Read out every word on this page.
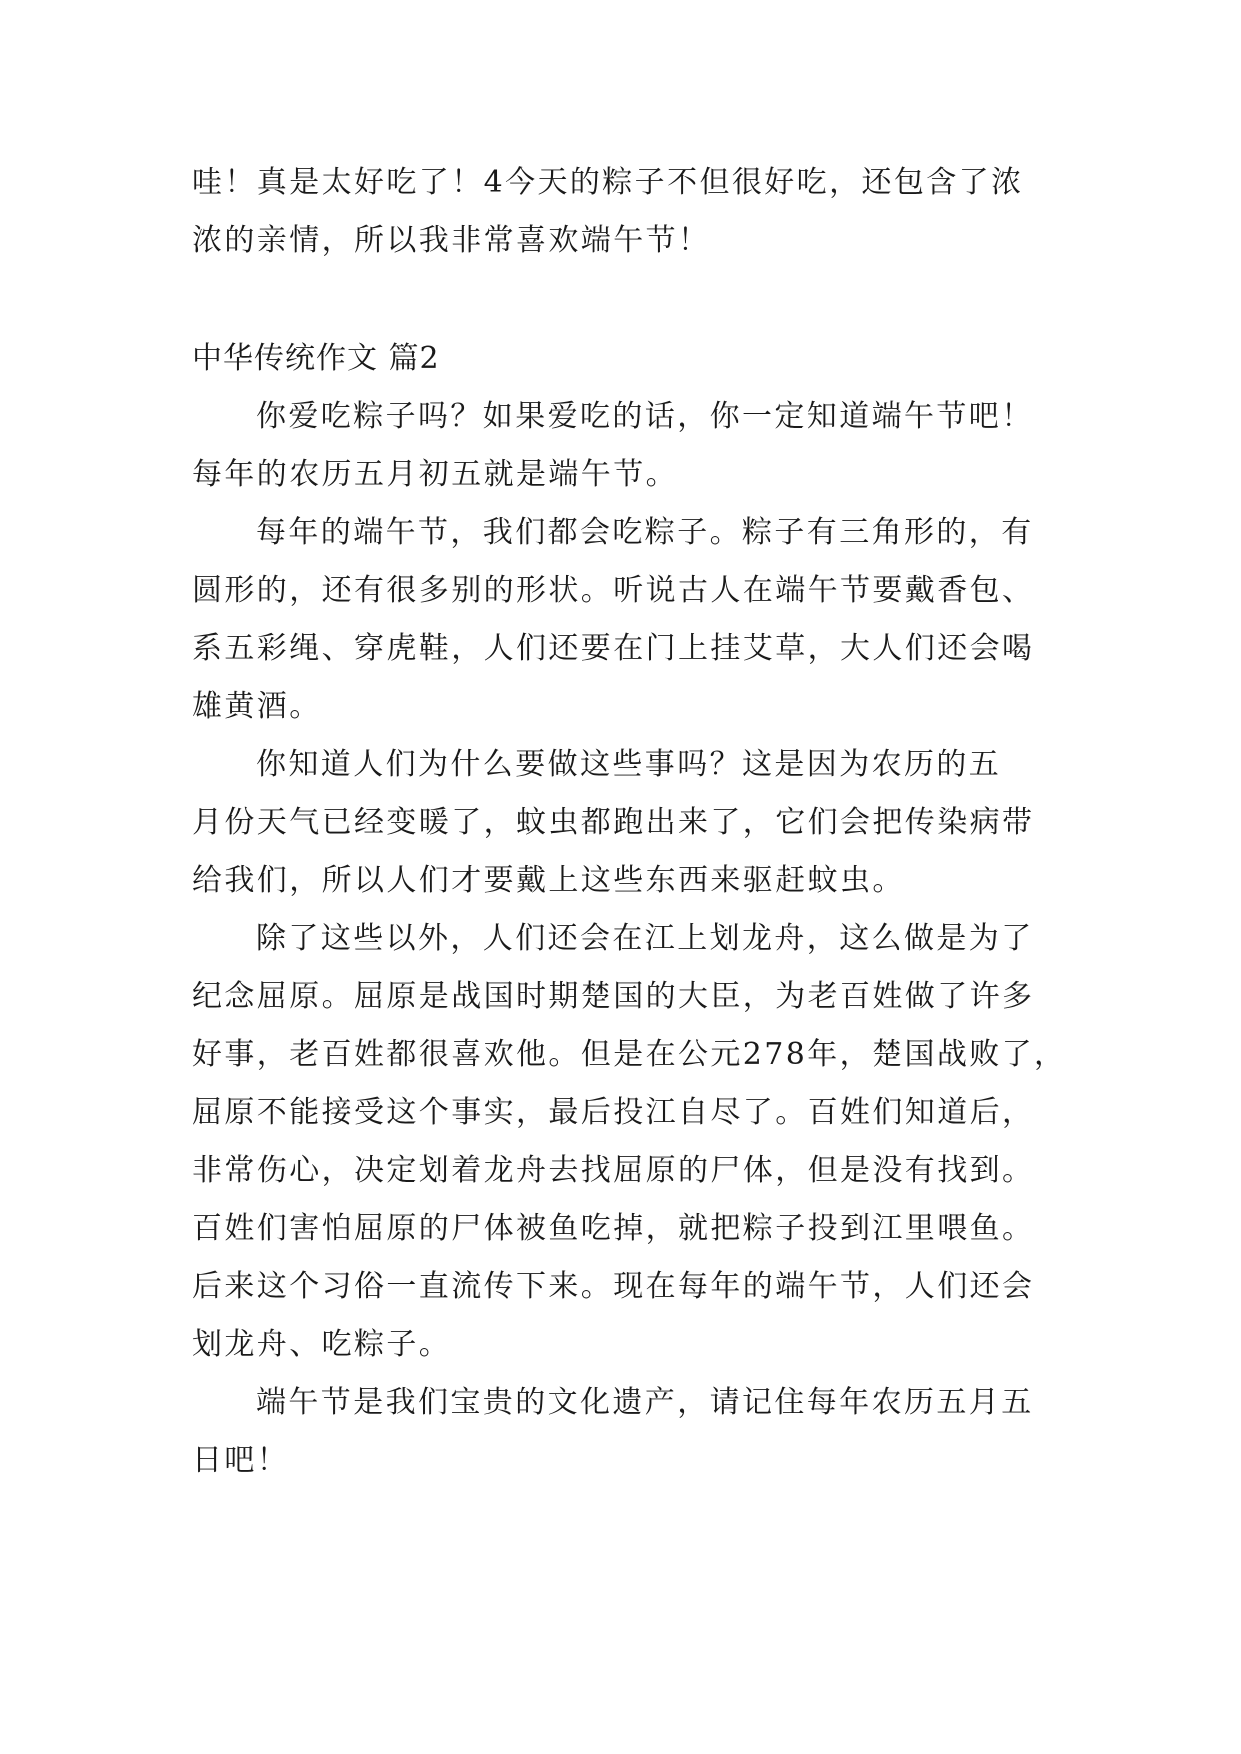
哇！真是太好吃了！4今天的粽子不但很好吃，还包含了浓
浓的亲情，所以我非常喜欢端午节！
中华传统作文 篇2
你爱吃粽子吗？如果爱吃的话，你一定知道端午节吧！
每年的农历五月初五就是端午节。
每年的端午节，我们都会吃粽子。粽子有三角形的，有
圆形的，还有很多别的形状。听说古人在端午节要戴香包、
系五彩绳、穿虎鞋，人们还要在门上挂艾草，大人们还会喝
雄黄酒。
你知道人们为什么要做这些事吗？这是因为农历的五
月份天气已经变暖了，蚊虫都跑出来了，它们会把传染病带
给我们，所以人们才要戴上这些东西来驱赶蚊虫。
除了这些以外，人们还会在江上划龙舟，这么做是为了
纪念屈原。屈原是战国时期楚国的大臣，为老百姓做了许多
好事，老百姓都很喜欢他。但是在公元278年，楚国战败了，
屈原不能接受这个事实，最后投江自尽了。百姓们知道后，
非常伤心，决定划着龙舟去找屈原的尸体，但是没有找到。
百姓们害怕屈原的尸体被鱼吃掉，就把粽子投到江里喂鱼。
后来这个习俗一直流传下来。现在每年的端午节，人们还会
划龙舟、吃粽子。
端午节是我们宝贵的文化遗产，请记住每年农历五月五
日吧！
